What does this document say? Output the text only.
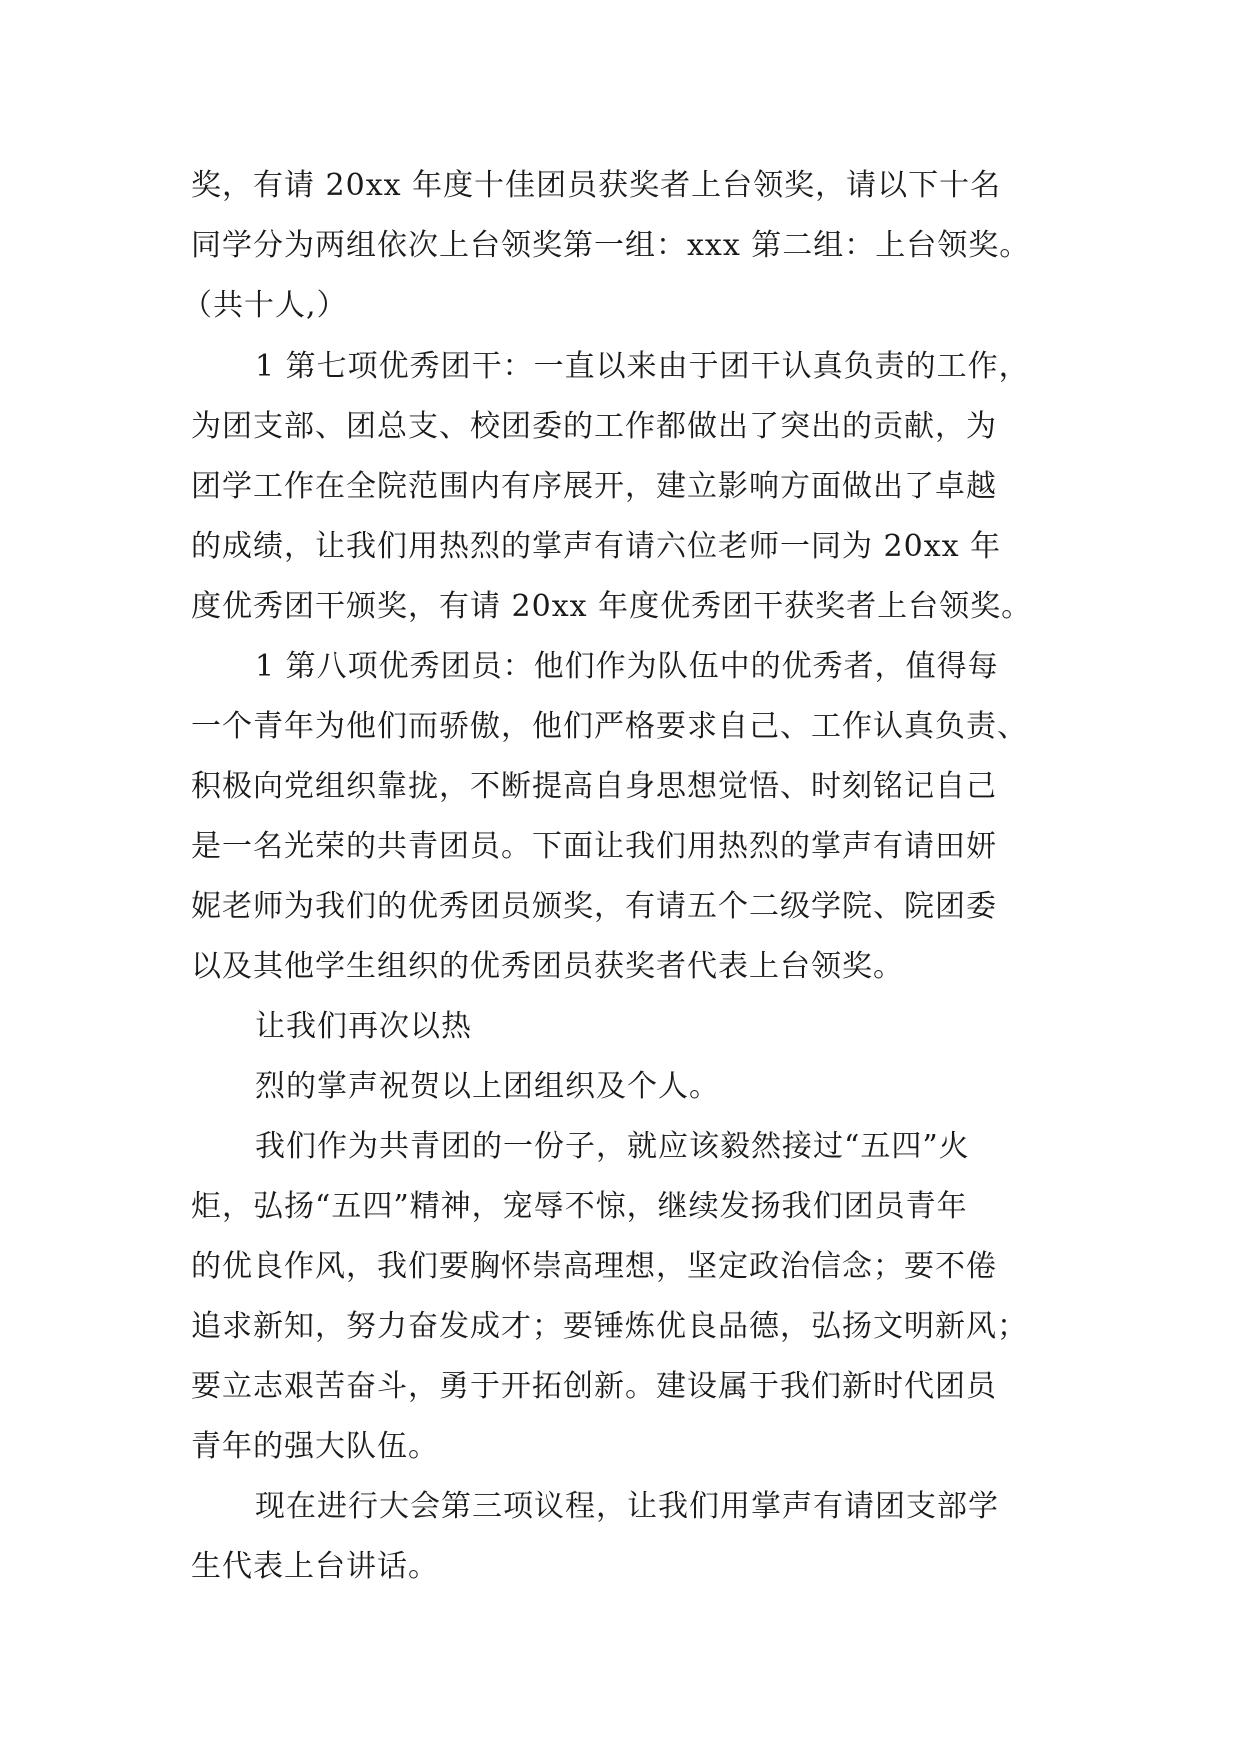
奖，有请 20xx 年度十佳团员获奖者上台领奖，请以下十名
同学分为两组依次上台领奖第一组：xxx 第二组：上台领奖。
（共十人,）
1 第七项优秀团干：一直以来由于团干认真负责的工作，
为团支部、团总支、校团委的工作都做出了突出的贡献，为
团学工作在全院范围内有序展开，建立影响方面做出了卓越
的成绩，让我们用热烈的掌声有请六位老师一同为 20xx 年
度优秀团干颁奖，有请 20xx 年度优秀团干获奖者上台领奖。
1 第八项优秀团员：他们作为队伍中的优秀者，值得每
一个青年为他们而骄傲，他们严格要求自己、工作认真负责、
积极向党组织靠拢，不断提高自身思想觉悟、时刻铭记自己
是一名光荣的共青团员。下面让我们用热烈的掌声有请田妍
妮老师为我们的优秀团员颁奖，有请五个二级学院、院团委
以及其他学生组织的优秀团员获奖者代表上台领奖。
让我们再次以热
烈的掌声祝贺以上团组织及个人。
我们作为共青团的一份子，就应该毅然接过“五四”火
炬，弘扬“五四”精神，宠辱不惊，继续发扬我们团员青年
的优良作风，我们要胸怀崇高理想，坚定政治信念；要不倦
追求新知，努力奋发成才；要锤炼优良品德，弘扬文明新风；
要立志艰苦奋斗，勇于开拓创新。建设属于我们新时代团员
青年的强大队伍。
现在进行大会第三项议程，让我们用掌声有请团支部学
生代表上台讲话。
